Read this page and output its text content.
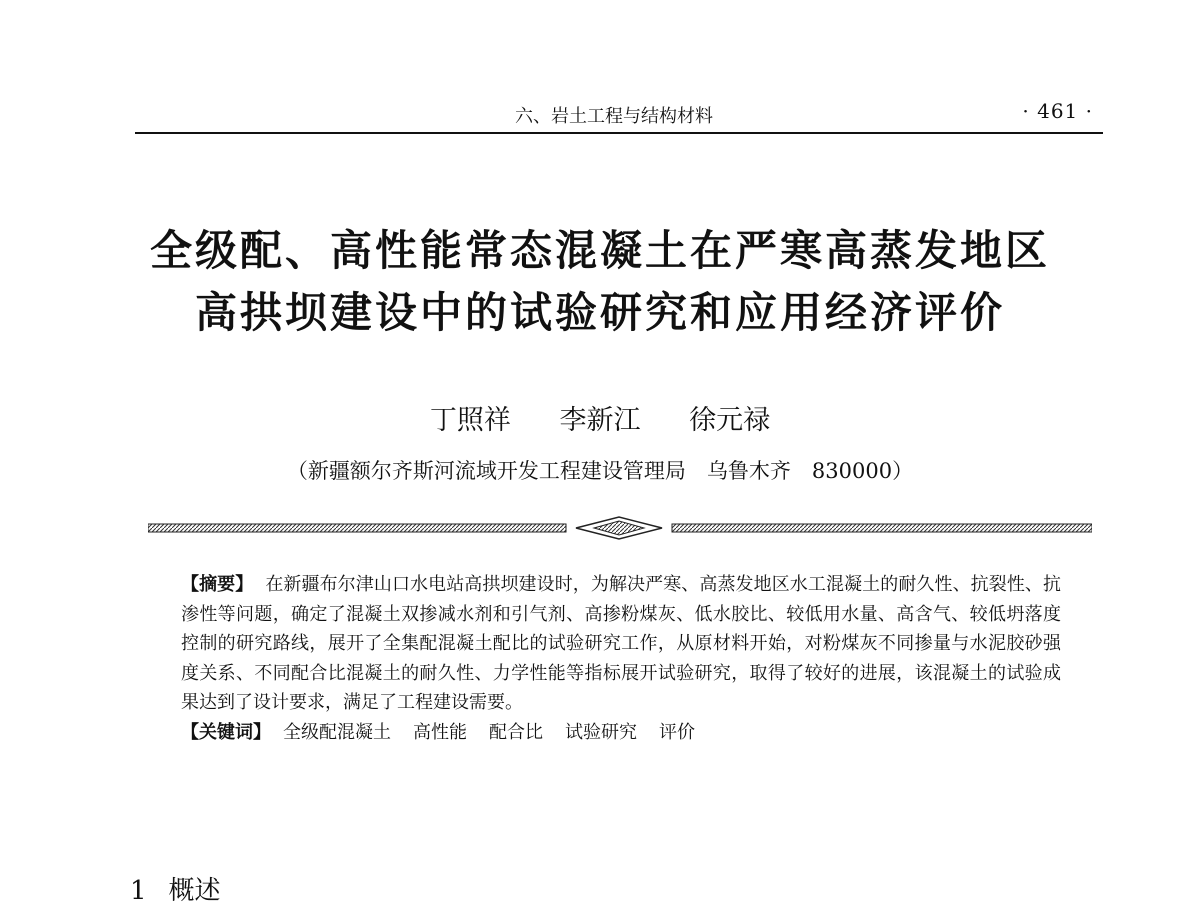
六、岩土工程与结构材料	· 461 ·
全级配、高性能常态混凝土在严寒高蒸发地区
高拱坝建设中的试验研究和应用经济评价
丁照祥 李新江 徐元禄
（新疆额尔齐斯河流域开发工程建设管理局　乌鲁木齐　830000）

【摘要】 在新疆布尔津山口水电站高拱坝建设时，为解决严寒、高蒸发地区水工混凝土的耐久性、抗裂性、抗渗性等问题，确定了混凝土双掺减水剂和引气剂、高掺粉煤灰、低水胶比、较低用水量、高含气、较低坍落度控制的研究路线，展开了全集配混凝土配比的试验研究工作，从原材料开始，对粉煤灰不同掺量与水泥胶砂强度关系、不同配合比混凝土的耐久性、力学性能等指标展开试验研究，取得了较好的进展，该混凝土的试验成果达到了设计要求，满足了工程建设需要。

【关键词】 全级配混凝土 高性能 配合比 试验研究 评价

1 概述
